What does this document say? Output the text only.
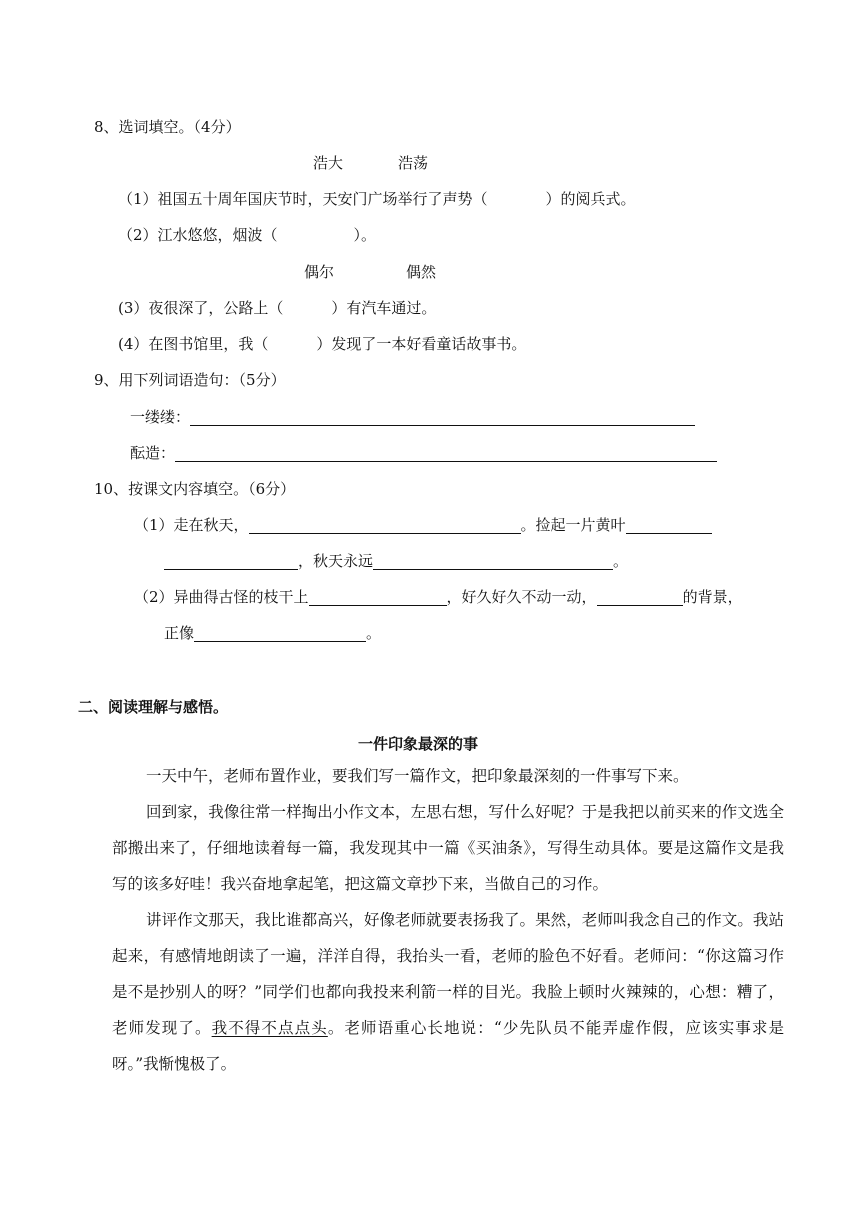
8、选词填空。（4分）
浩大	浩荡
（1）祖国五十周年国庆节时，天安门广场举行了声势（	）的阅兵式。
（2）江水悠悠，烟波（	）。
偶尔	偶然
(3）夜很深了，公路上（	）有汽车通过。
(4）在图书馆里，我（	）发现了一本好看童话故事书。
9、用下列词语造句：（5分）
一缕缕：
酝造：
10、按课文内容填空。（6分）
（1）走在秋天，	。捡起一片黄叶
，秋天永远	。
（2）异曲得古怪的枝干上	，好久好久不动一动，	的背景，
正像	。
二、阅读理解与感悟。
一件印象最深的事
一天中午，老师布置作业，要我们写一篇作文，把印象最深刻的一件事写下来。
回到家，我像往常一样掏出小作文本，左思右想，写什么好呢？于是我把以前买来的作文选全部搬出来了，仔细地读着每一篇，我发现其中一篇《买油条》，写得生动具体。要是这篇作文是我写的该多好哇！我兴奋地拿起笔，把这篇文章抄下来，当做自己的习作。
讲评作文那天，我比谁都高兴，好像老师就要表扬我了。果然，老师叫我念自己的作文。我站起来，有感情地朗读了一遍，洋洋自得，我抬头一看，老师的脸色不好看。老师问：“你这篇习作是不是抄别人的呀？”同学们也都向我投来利箭一样的目光。我脸上顿时火辣辣的，心想：糟了，老师发现了。我不得不点点头。老师语重心长地说：“少先队员不能弄虚作假，应该实事求是呀。”我惭愧极了。
